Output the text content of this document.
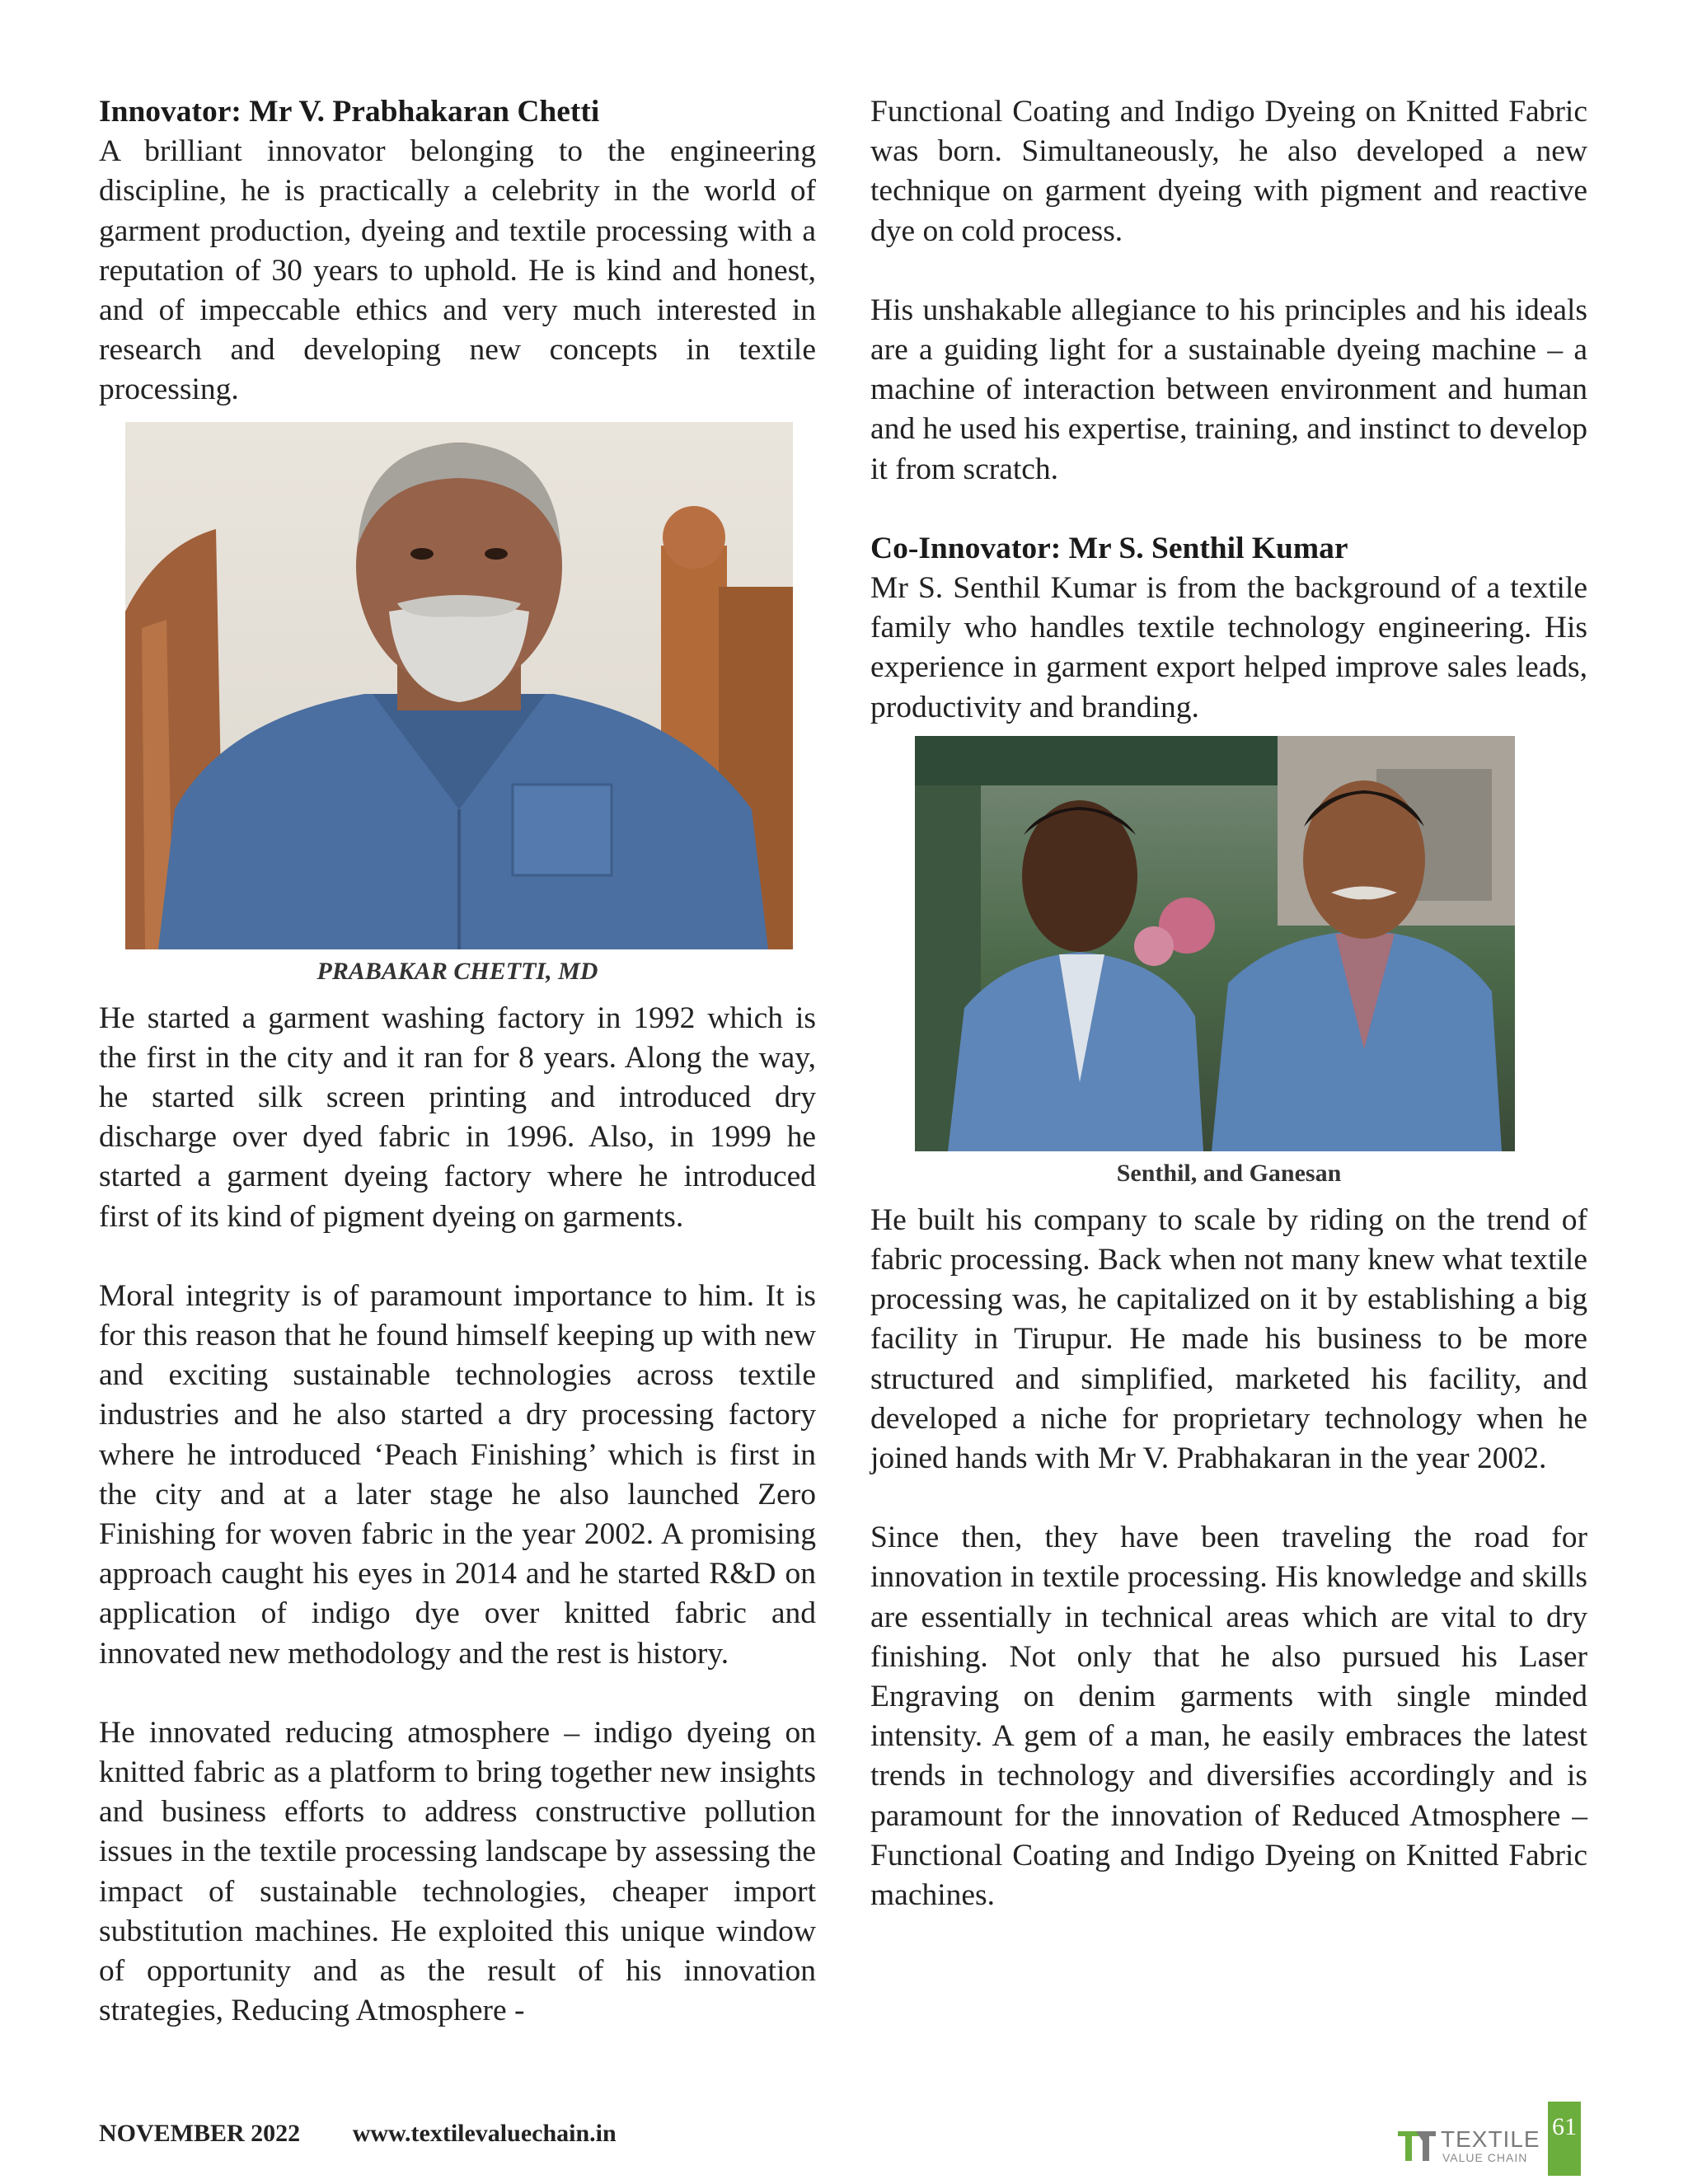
Innovator: Mr V. Prabhakaran Chetti

A brilliant innovator belonging to the engineering discipline, he is practically a celebrity in the world of garment production, dyeing and textile processing with a reputation of 30 years to uphold. He is kind and honest, and of impeccable ethics and very much interested in research and developing new concepts in textile processing.

PRABAKAR CHETTI, MD

He started a garment washing factory in 1992 which is the first in the city and it ran for 8 years. Along the way, he started silk screen printing and introduced dry discharge over dyed fabric in 1996. Also, in 1999 he started a garment dyeing factory where he introduced first of its kind of pigment dyeing on garments.

Moral integrity is of paramount importance to him. It is for this reason that he found himself keeping up with new and exciting sustainable technologies across textile industries and he also started a dry processing factory where he introduced ‘Peach Finishing’ which is first in the city and at a later stage he also launched Zero Finishing for woven fabric in the year 2002. A promising approach caught his eyes in 2014 and he started R&D on application of indigo dye over knitted fabric and innovated new methodology and the rest is history.

He innovated reducing atmosphere – indigo dyeing on knitted fabric as a platform to bring together new insights and business efforts to address constructive pollution issues in the textile processing landscape by assessing the impact of sustainable technologies, cheaper import substitution machines. He exploited this unique window of opportunity and as the result of his innovation strategies, Reducing Atmosphere -

Functional Coating and Indigo Dyeing on Knitted Fabric was born. Simultaneously, he also developed a new technique on garment dyeing with pigment and reactive dye on cold process.

His unshakable allegiance to his principles and his ideals are a guiding light for a sustainable dyeing machine – a machine of interaction between environment and human and he used his expertise, training, and instinct to develop it from scratch.

Co-Innovator: Mr S. Senthil Kumar

Mr S. Senthil Kumar is from the background of a textile family who handles textile technology engineering. His experience in garment export helped improve sales leads, productivity and branding.

Senthil, and Ganesan

He built his company to scale by riding on the trend of fabric processing. Back when not many knew what textile processing was, he capitalized on it by establishing a big facility in Tirupur. He made his business to be more structured and simplified, marketed his facility, and developed a niche for proprietary technology when he joined hands with Mr V. Prabhakaran in the year 2002.

Since then, they have been traveling the road for innovation in textile processing. His knowledge and skills are essentially in technical areas which are vital to dry finishing. Not only that he also pursued his Laser Engraving on denim garments with single minded intensity. A gem of a man, he easily embraces the latest trends in technology and diversifies accordingly and is paramount for the innovation of Reduced Atmosphere – Functional Coating and Indigo Dyeing on Knitted Fabric machines.

NOVEMBER 2022 www.textilevaluechain.in	TEXTILE
VALUE CHAIN
61
